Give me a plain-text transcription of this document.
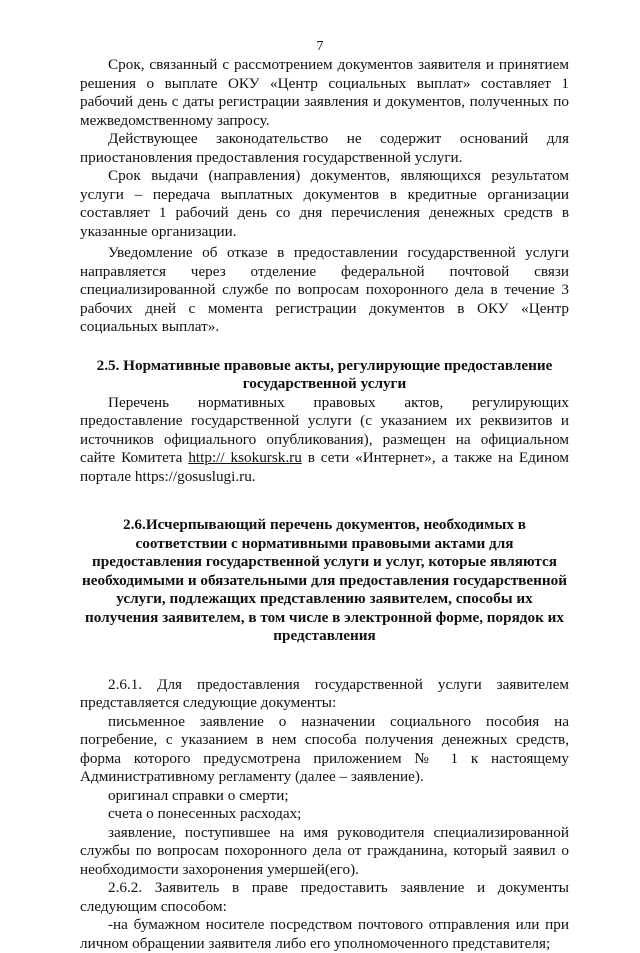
7

Срок, связанный с рассмотрением документов заявителя и принятием решения о выплате ОКУ «Центр социальных выплат» составляет 1 рабочий день с даты регистрации заявления и документов, полученных по межведомственному запросу.

Действующее законодательство не содержит оснований для приостановления предоставления государственной услуги.

Срок выдачи (направления) документов, являющихся результатом услуги – передача выплатных документов в кредитные организации составляет 1 рабочий день со дня перечисления денежных средств в указанные организации.

Уведомление об отказе в предоставлении государственной услуги направляется через отделение федеральной почтовой связи специализированной службе по вопросам похоронного дела в течение 3 рабочих дней с момента регистрации документов в ОКУ «Центр социальных выплат».

2.5. Нормативные правовые акты, регулирующие предоставление государственной услуги

Перечень нормативных правовых актов, регулирующих предоставление государственной услуги (с указанием их реквизитов и источников официального опубликования), размещен на официальном сайте Комитета http:// ksokursk.ru в сети «Интернет», а также на Едином портале https://gosuslugi.ru.

2.6.Исчерпывающий перечень документов, необходимых в соответствии с нормативными правовыми актами для предоставления государственной услуги и услуг, которые являются необходимыми и обязательными для предоставления государственной услуги, подлежащих представлению заявителем, способы их получения заявителем, в том числе в электронной форме, порядок их представления

2.6.1. Для предоставления государственной услуги заявителем представляется следующие документы:

письменное заявление о назначении социального пособия на погребение, с указанием в нем способа получения денежных средств, форма которого предусмотрена приложением № 1 к настоящему Административному регламенту (далее – заявление).

оригинал справки о смерти;

счета о понесенных расходах;

заявление, поступившее на имя руководителя специализированной службы по вопросам похоронного дела от гражданина, который заявил о необходимости захоронения умершей(его).

2.6.2. Заявитель в праве предоставить заявление и документы следующим способом:

-на бумажном носителе посредством почтового отправления или при личном обращении заявителя либо его уполномоченного представителя;
